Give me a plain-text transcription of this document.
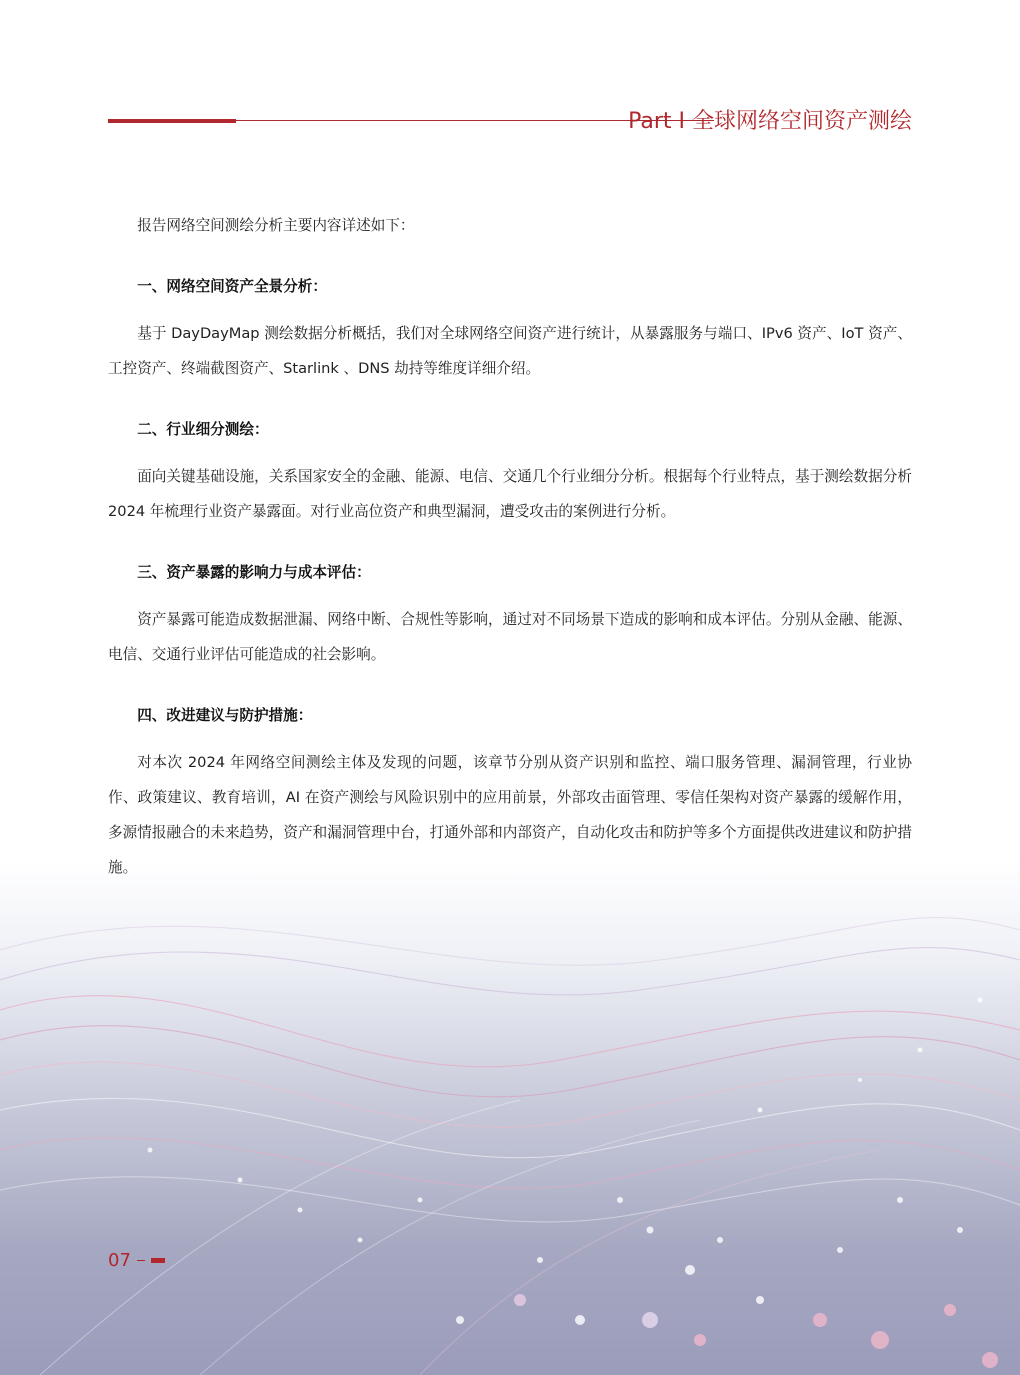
Part I 全球网络空间资产测绘
报告网络空间测绘分析主要内容详述如下：
一、网络空间资产全景分析：
基于 DayDayMap 测绘数据分析概括，我们对全球网络空间资产进行统计，从暴露服务与端口、IPv6 资产、IoT 资产、工控资产、终端截图资产、Starlink 、DNS 劫持等维度详细介绍。
二、行业细分测绘：
面向关键基础设施，关系国家安全的金融、能源、电信、交通几个行业细分分析。根据每个行业特点，基于测绘数据分析 2024 年梳理行业资产暴露面。对行业高位资产和典型漏洞，遭受攻击的案例进行分析。
三、资产暴露的影响力与成本评估：
资产暴露可能造成数据泄漏、网络中断、合规性等影响，通过对不同场景下造成的影响和成本评估。分别从金融、能源、电信、交通行业评估可能造成的社会影响。
四、改进建议与防护措施：
对本次 2024 年网络空间测绘主体及发现的问题，该章节分别从资产识别和监控、端口服务管理、漏洞管理，行业协作、政策建议、教育培训，AI 在资产测绘与风险识别中的应用前景，外部攻击面管理、零信任架构对资产暴露的缓解作用，多源情报融合的未来趋势，资产和漏洞管理中台，打通外部和内部资产，自动化攻击和防护等多个方面提供改进建议和防护措施。
07
